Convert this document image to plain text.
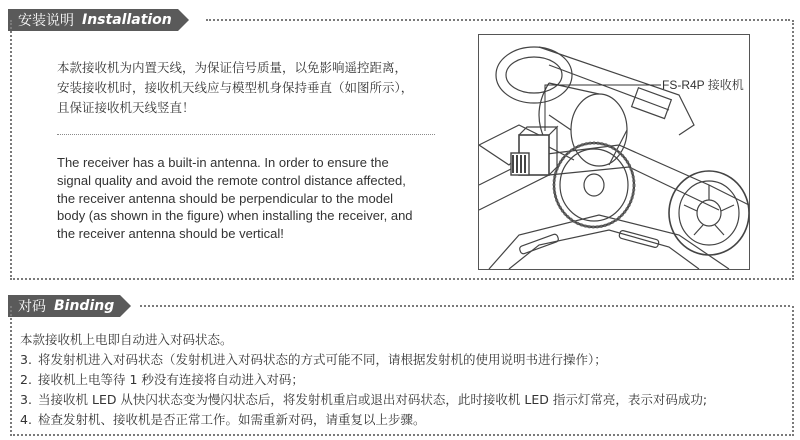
安装说明 Installation
本款接收机为内置天线，为保证信号质量，以免影响遥控距离，
安装接收机时，接收机天线应与模型机身保持垂直（如图所示），
且保证接收机天线竖直！
The receiver has a built-in antenna. In order to ensure the
signal quality and avoid the remote control distance affected,
the receiver antenna should be perpendicular to the model
body (as shown in the figure) when installing the receiver, and
the receiver antenna should be vertical!
FS-R4P 接收机
对码 Binding
本款接收机上电即自动进入对码状态。
3. 将发射机进入对码状态（发射机进入对码状态的方式可能不同，请根据发射机的使用说明书进行操作）；
2. 接收机上电等待 1 秒没有连接将自动进入对码；
3. 当接收机 LED 从快闪状态变为慢闪状态后，将发射机重启或退出对码状态，此时接收机 LED 指示灯常亮，表示对码成功;
4. 检查发射机、接收机是否正常工作。如需重新对码，请重复以上步骤。
